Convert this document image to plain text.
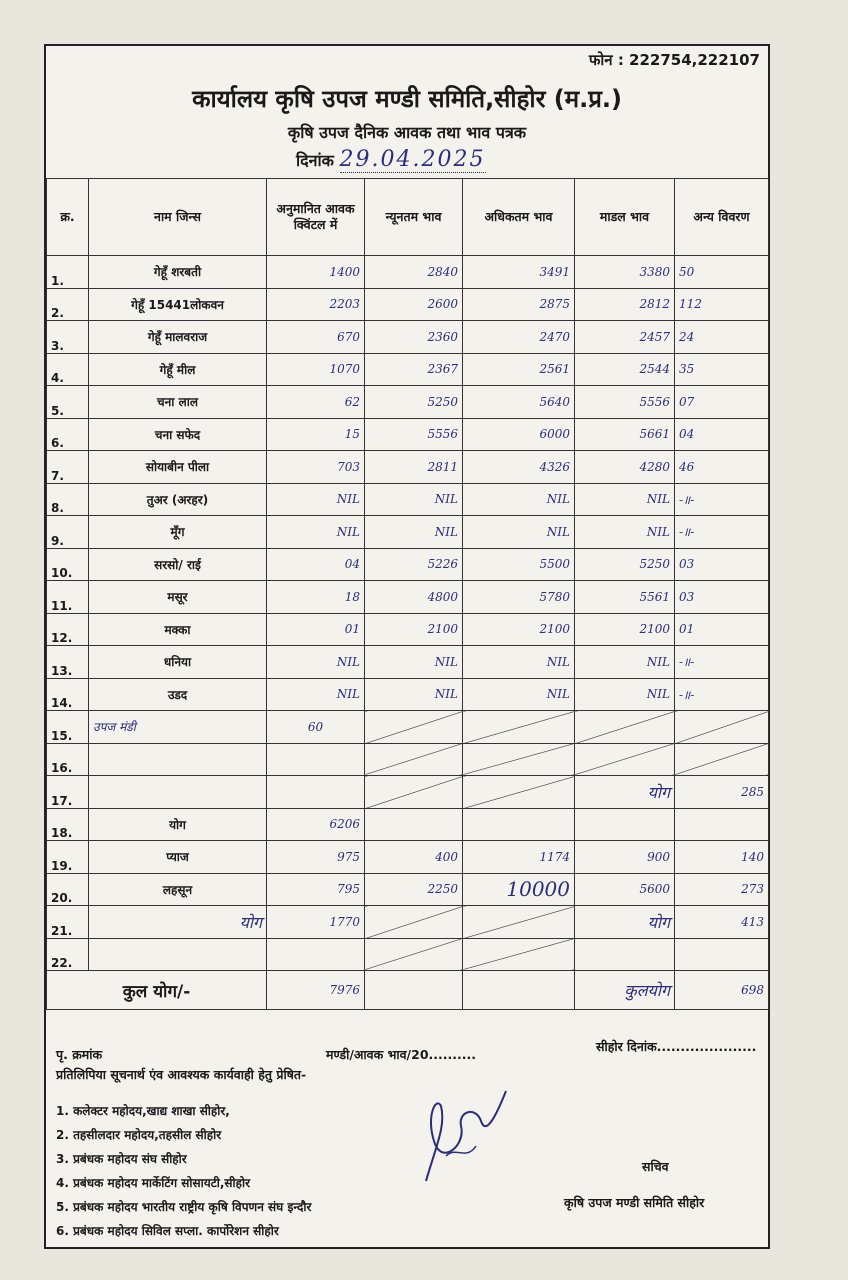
फोन : 222754,222107
कार्यालय कृषि उपज मण्डी समिति,सीहोर (म.प्र.)
कृषि उपज दैनिक आवक तथा भाव पत्रक
दिनांक 29.04.2025
क्र.	नाम जिन्स	अनुमानित आवक क्विंटल में	न्यूनतम भाव	अधिकतम भाव	माडल भाव	अन्य विवरण
1.	गेहूँ शरबती	1400	2840	3491	3380	50
2.	गेहूँ 15441लोकवन	2203	2600	2875	2812	112
3.	गेहूँ मालवराज	670	2360	2470	2457	24
4.	गेहूँ मील	1070	2367	2561	2544	35
5.	चना लाल	62	5250	5640	5556	07
6.	चना सफेद	15	5556	6000	5661	04
7.	सोयाबीन पीला	703	2811	4326	4280	46
8.	तुअर (अरहर)	NIL	NIL	NIL	NIL	-॥-
9.	मूँग	NIL	NIL	NIL	NIL	-॥-
10.	सरसो/ राई	04	5226	5500	5250	03
11.	मसूर	18	4800	5780	5561	03
12.	मक्का	01	2100	2100	2100	01
13.	धनिया	NIL	NIL	NIL	NIL	-॥-
14.	उडद	NIL	NIL	NIL	NIL	-॥-
15.	उपज मंडी	60				
16.						
17.					योग	285
18.	योग	6206				
19.	प्याज	975	400	1174	900	140
20.	लहसून	795	2250	10000	5600	273
21.	योग	1770			योग	413
22.						
कुल योग/-		7976			कुलयोग	698
पृ. क्रमांक	मण्डी/आवक भाव/20..........
सीहोर दिनांक.....................
प्रतिलिपिया सूचनार्थ एंव आवश्यक कार्यवाही हेतु प्रेषित-
1. कलेक्टर महोदय,खाद्य शाखा सीहोर,
2. तहसीलदार महोदय,तहसील सीहोर
3. प्रबंधक महोदय संघ सीहोर
4. प्रबंधक महोदय मार्केटिंग सोसायटी,सीहोर
5. प्रबंधक महोदय भारतीय राष्ट्रीय कृषि विपणन संघ इन्दौर
6. प्रबंधक महोदय सिविल सप्ला. कार्पोरेशन सीहोर
सचिव
कृषि उपज मण्डी समिति सीहोर
